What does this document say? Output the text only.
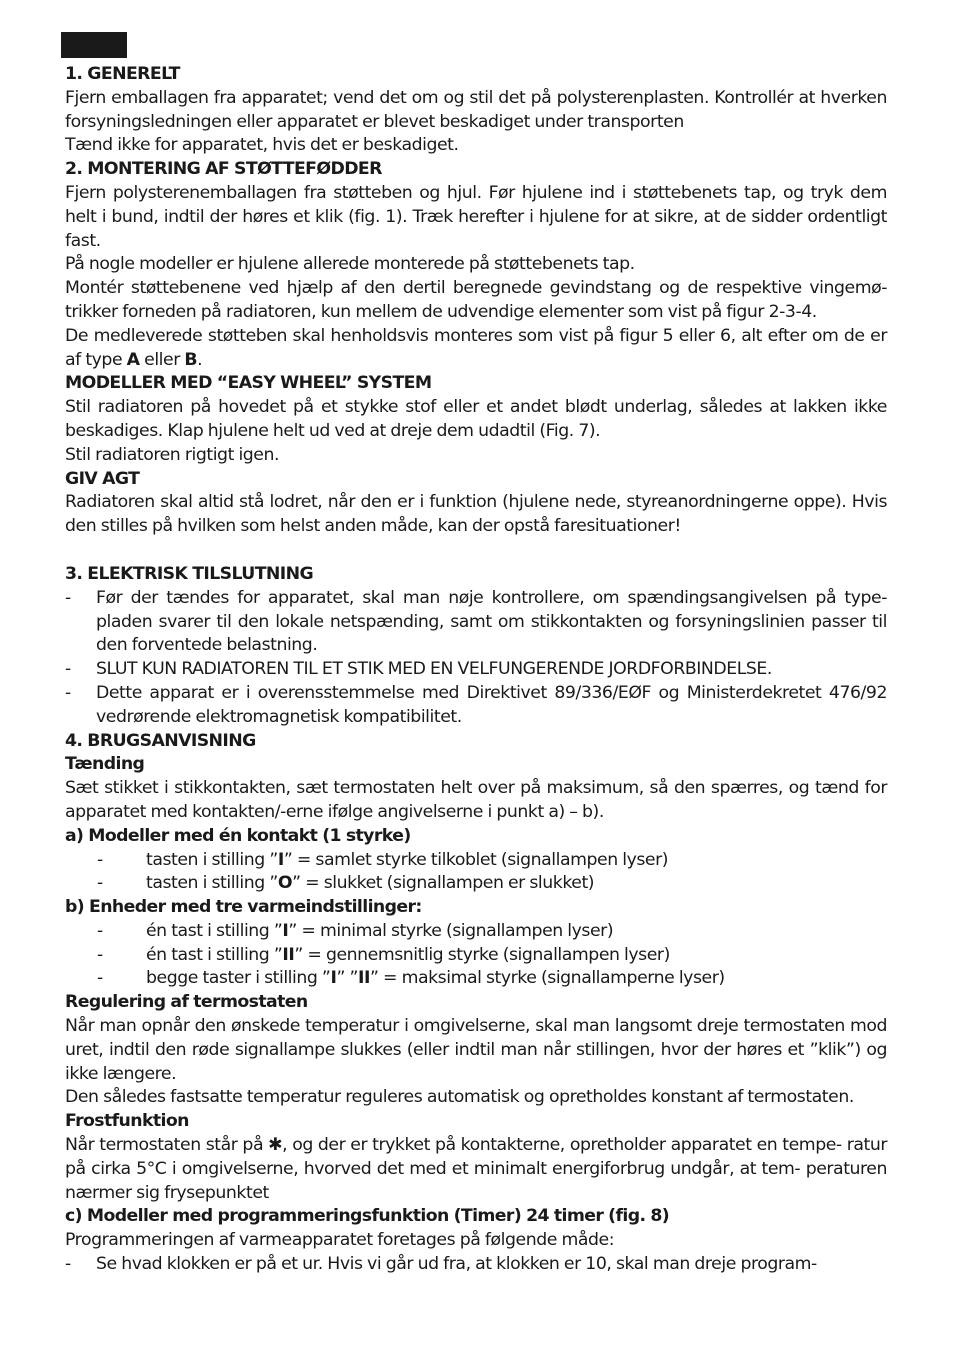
1. GENERELT

Fjern emballagen fra apparatet; vend det om og stil det på polysterenplasten. Kontrollér at hverken forsyningsledningen eller apparatet er blevet beskadiget under transporten

Tænd ikke for apparatet, hvis det er beskadiget.

2. MONTERING AF STØTTEFØDDER

Fjern polysterenemballagen fra støtteben og hjul. Før hjulene ind i støttebenets tap, og tryk dem helt i bund, indtil der høres et klik (fig. 1). Træk herefter i hjulene for at sikre, at de sidder ordentligt fast.

På nogle modeller er hjulene allerede monterede på støttebenets tap.

Montér støttebenene ved hjælp af den dertil beregnede gevindstang og de respektive vingemø- trikker forneden på radiatoren, kun mellem de udvendige elementer som vist på figur 2-3-4.

De medleverede støtteben skal henholdsvis monteres som vist på figur 5 eller 6, alt efter om de er af type A eller B.

MODELLER MED “EASY WHEEL” SYSTEM

Stil radiatoren på hovedet på et stykke stof eller et andet blødt underlag, således at lakken ikke beskadiges. Klap hjulene helt ud ved at dreje dem udadtil (Fig. 7).

Stil radiatoren rigtigt igen.

GIV AGT

Radiatoren skal altid stå lodret, når den er i funktion (hjulene nede, styreanordningerne oppe). Hvis den stilles på hvilken som helst anden måde, kan der opstå faresituationer!

3. ELEKTRISK TILSLUTNING

- Før der tændes for apparatet, skal man nøje kontrollere, om spændingsangivelsen på type- pladen svarer til den lokale netspænding, samt om stikkontakten og forsyningslinien passer til den forventede belastning.

- SLUT KUN RADIATOREN TIL ET STIK MED EN VELFUNGERENDE JORDFORBINDELSE.

- Dette apparat er i overensstemmelse med Direktivet 89/336/EØF og Ministerdekretet 476/92 vedrørende elektromagnetisk kompatibilitet.

4. BRUGSANVISNING

Tænding

Sæt stikket i stikkontakten, sæt termostaten helt over på maksimum, så den spærres, og tænd for apparatet med kontakten/-erne ifølge angivelserne i punkt a) – b).

a) Modeller med én kontakt (1 styrke)

- tasten i stilling ”I” = samlet styrke tilkoblet (signallampen lyser)

- tasten i stilling ”O” = slukket (signallampen er slukket)

b) Enheder med tre varmeindstillinger:

- én tast i stilling ”I” = minimal styrke (signallampen lyser)

- én tast i stilling ”II” = gennemsnitlig styrke (signallampen lyser)

- begge taster i stilling ”I” ”II” = maksimal styrke (signallamperne lyser)

Regulering af termostaten

Når man opnår den ønskede temperatur i omgivelserne, skal man langsomt dreje termostaten mod uret, indtil den røde signallampe slukkes (eller indtil man når stillingen, hvor der høres et ”klik”) og ikke længere.

Den således fastsatte temperatur reguleres automatisk og opretholdes konstant af termostaten.

Frostfunktion

Når termostaten står på ✱, og der er trykket på kontakterne, opretholder apparatet en tempe- ratur på cirka 5°C i omgivelserne, hvorved det med et minimalt energiforbrug undgår, at tem- peraturen nærmer sig frysepunktet

c) Modeller med programmeringsfunktion (Timer) 24 timer (fig. 8)

Programmeringen af varmeapparatet foretages på følgende måde:

- Se hvad klokken er på et ur. Hvis vi går ud fra, at klokken er 10, skal man dreje program-
